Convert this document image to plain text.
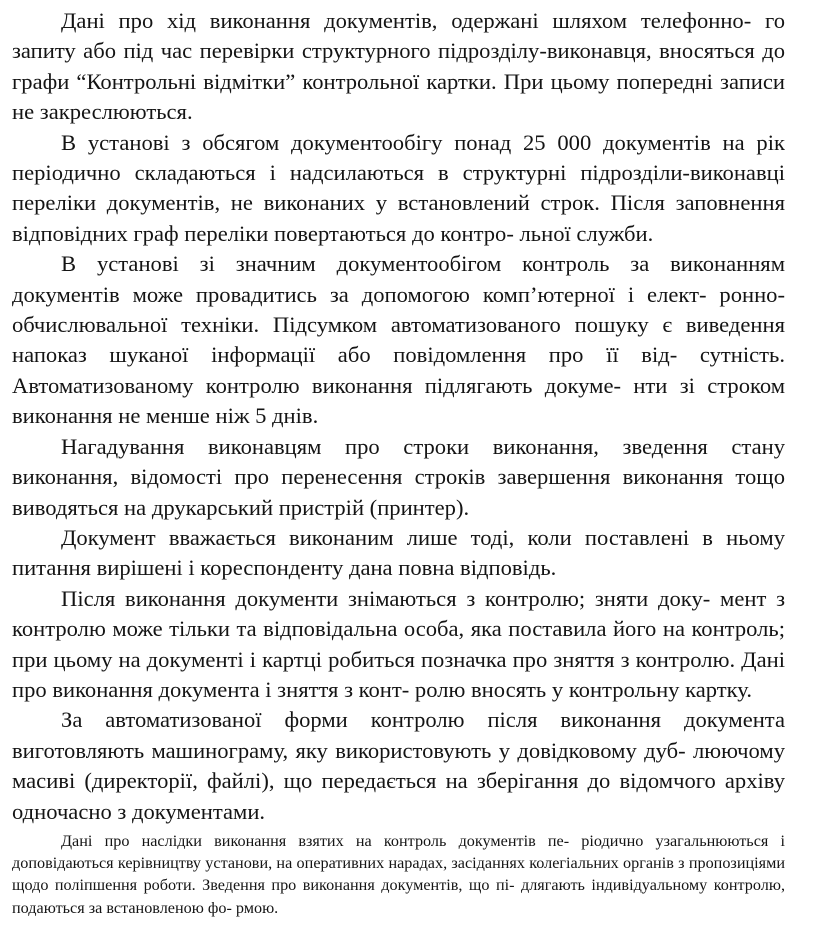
Дані про хід виконання документів, одержані шляхом телефонно- го запиту або під час перевірки структурного підрозділу-виконавця, вносяться до графи “Контрольні відмітки” контрольної картки. При цьому попередні записи не закреслюються.

В установі з обсягом документообігу понад 25 000 документів на рік періодично складаються і надсилаються в структурні підрозділи-виконавці переліки документів, не виконаних у встановлений строк. Після заповнення відповідних граф переліки повертаються до контро- льної служби.

В установі зі значним документообігом контроль за виконанням документів може провадитись за допомогою комп’ютерної і елект- ронно-обчислювальної техніки. Підсумком автоматизованого пошуку є виведення напоказ шуканої інформації або повідомлення про її від- сутність. Автоматизованому контролю виконання підлягають докуме- нти зі строком виконання не менше ніж 5 днів.

Нагадування виконавцям про строки виконання, зведення стану виконання, відомості про перенесення строків завершення виконання тощо виводяться на друкарський пристрій (принтер).

Документ вважається виконаним лише тоді, коли поставлені в ньому питання вирішені і кореспонденту дана повна відповідь.

Після виконання документи знімаються з контролю; зняти доку- мент з контролю може тільки та відповідальна особа, яка поставила його на контроль; при цьому на документі і картці робиться позначка про зняття з контролю. Дані про виконання документа і зняття з конт- ролю вносять у контрольну картку.

За автоматизованої форми контролю після виконання документа виготовляють машинограму, яку використовують у довідковому дуб- люючому масиві (директорії, файлі), що передається на зберігання до відомчого архіву одночасно з документами.

Дані про наслідки виконання взятих на контроль документів пе- ріодично узагальнюються і доповідаються керівництву установи, на оперативних нарадах, засіданнях колегіальних органів з пропозиціями щодо поліпшення роботи. Зведення про виконання документів, що пі- длягають індивідуальному контролю, подаються за встановленою фо- рмою.
